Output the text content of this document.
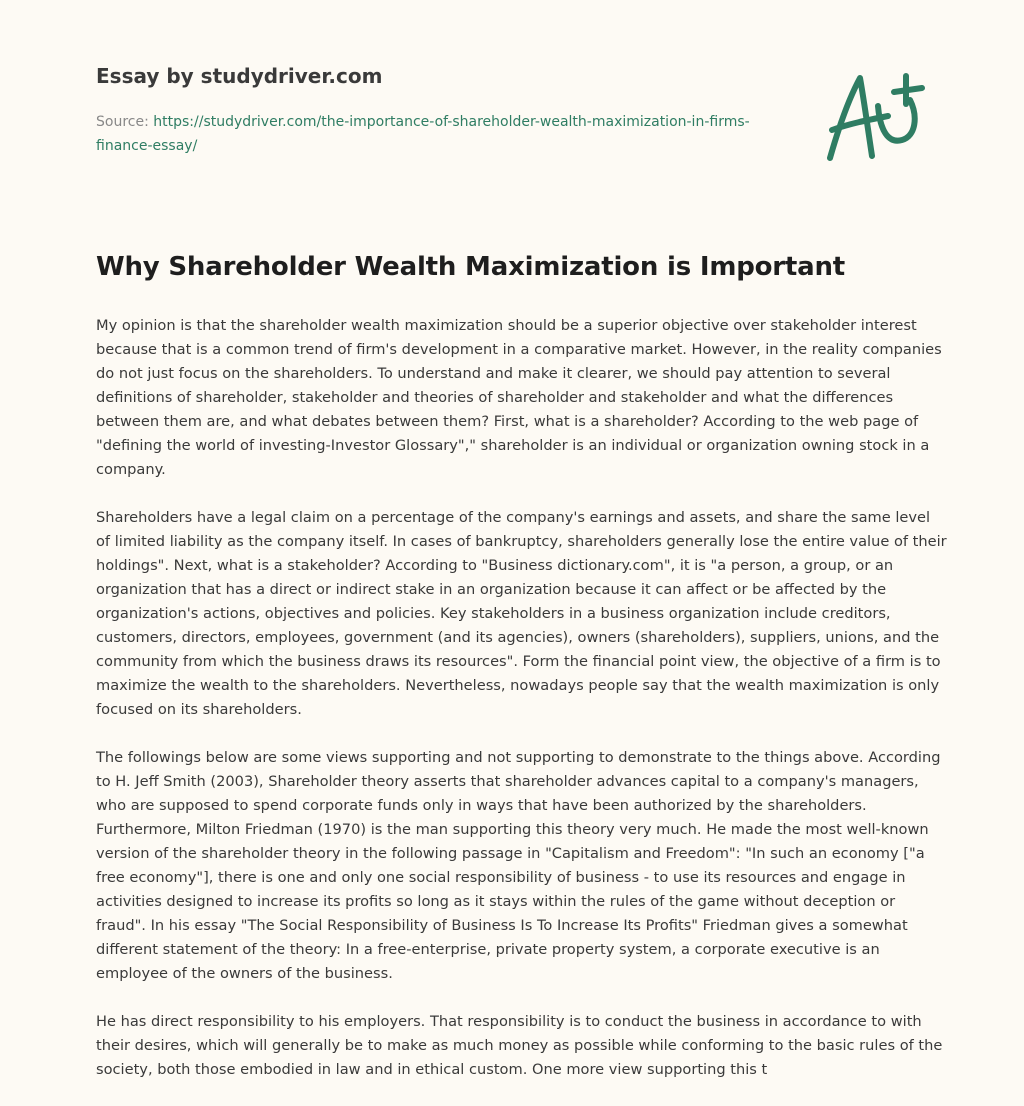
Essay by studydriver.com
Source: https://studydriver.com/the-importance-of-shareholder-wealth-maximization-in-firms-finance-essay/
Why Shareholder Wealth Maximization is Important

My opinion is that the shareholder wealth maximization should be a superior objective over stakeholder interest because that is a common trend of firm's development in a comparative market. However, in the reality companies do not just focus on the shareholders. To understand and make it clearer, we should pay attention to several definitions of shareholder, stakeholder and theories of shareholder and stakeholder and what the differences between them are, and what debates between them? First, what is a shareholder? According to the web page of "defining the world of investing-Investor Glossary"," shareholder is an individual or organization owning stock in a company.

Shareholders have a legal claim on a percentage of the company's earnings and assets, and share the same level of limited liability as the company itself. In cases of bankruptcy, shareholders generally lose the entire value of their holdings". Next, what is a stakeholder? According to "Business dictionary.com", it is "a person, a group, or an organization that has a direct or indirect stake in an organization because it can affect or be affected by the organization's actions, objectives and policies. Key stakeholders in a business organization include creditors, customers, directors, employees, government (and its agencies), owners (shareholders), suppliers, unions, and the community from which the business draws its resources". Form the financial point view, the objective of a firm is to maximize the wealth to the shareholders. Nevertheless, nowadays people say that the wealth maximization is only focused on its shareholders.

The followings below are some views supporting and not supporting to demonstrate to the things above. According to H. Jeff Smith (2003), Shareholder theory asserts that shareholder advances capital to a company's managers, who are supposed to spend corporate funds only in ways that have been authorized by the shareholders. Furthermore, Milton Friedman (1970) is the man supporting this theory very much. He made the most well-known version of the shareholder theory in the following passage in "Capitalism and Freedom": "In such an economy ["a free economy"], there is one and only one social responsibility of business - to use its resources and engage in activities designed to increase its profits so long as it stays within the rules of the game without deception or fraud". In his essay "The Social Responsibility of Business Is To Increase Its Profits" Friedman gives a somewhat different statement of the theory: In a free-enterprise, private property system, a corporate executive is an employee of the owners of the business.

He has direct responsibility to his employers. That responsibility is to conduct the business in accordance to with their desires, which will generally be to make as much money as possible while conforming to the basic rules of the society, both those embodied in law and in ethical custom. One more view supporting this t
